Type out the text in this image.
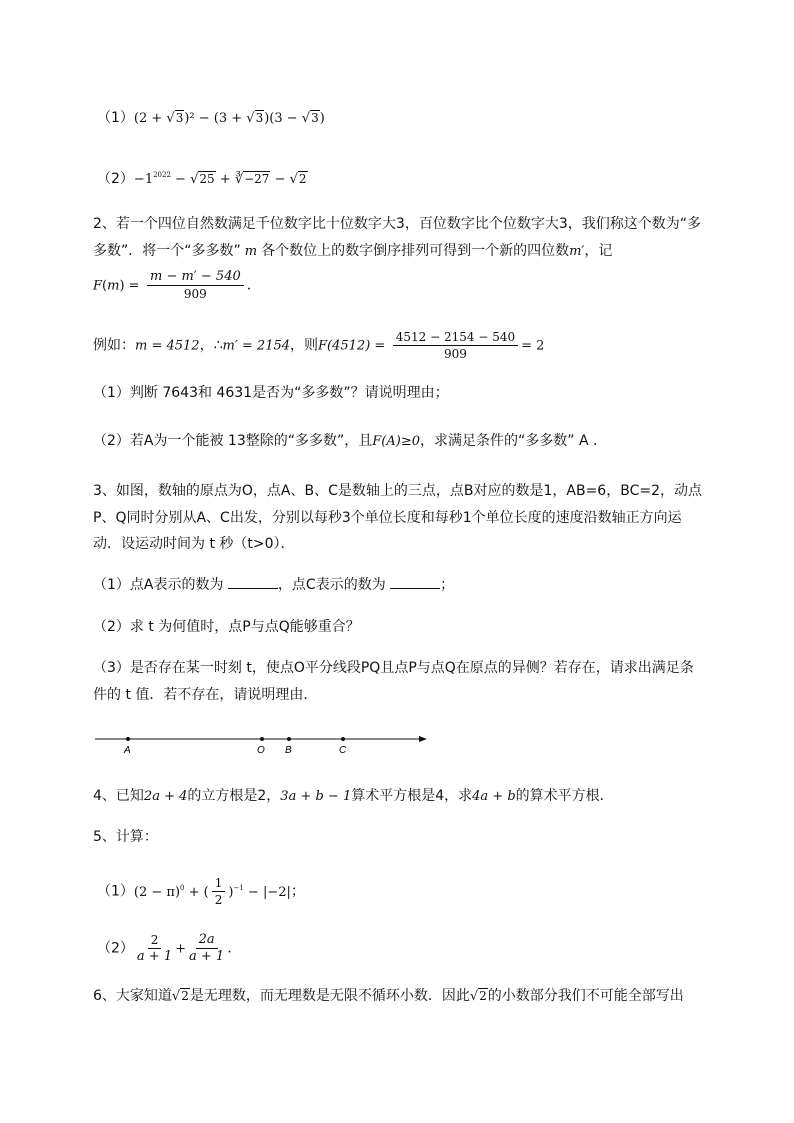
（1）(2 + √3)² − (3 + √3)(3 − √3)
$(2)-1^{2022} - √25$ + ∛−27 − √2
2、若一个四位自然数满足千位数字比十位数字大3，百位数字比个位数字大3，我们称这个数为“多
多数”．将一个“多多数” m 各个数位上的数字倒序排列可得到一个新的四位数m′，记
$F(m) = \frac{m - m' - 540}{909}$ ．
例如：m = 4512，∴m′ = 2154，则$F(4512) = \frac{4512 - 2154 - 540}{909} = 2$
（1）判断 7643和 4631是否为“多多数”？请说明理由；
（2）若A为一个能被 13整除的“多多数”，且F(A)≥0，求满足条件的“多多数” A ．
3、如图，数轴的原点为O，点A、B、C是数轴上的三点，点B对应的数是1，AB=6，BC=2，动点
P、Q同时分别从A、C出发，分别以每秒3个单位长度和每秒1个单位长度的速度沿数轴正方向运
动．设运动时间为 t 秒（t>0）．
（1）点A表示的数为	，点C表示的数为	；
（2）求 t 为何值时，点P与点Q能够重合？
（3）是否存在某一时刻 t，使点O平分线段PQ且点P与点Q在原点的异侧？若存在，请求出满足条
件的 t 值．若不存在，请说明理由．
A	O B	C
4、已知2a + 4的立方根是2，3a + b − 1算术平方根是4，求4a + b的算术平方根．
5、计算：
$(1)(2 - \pi)^0$ + ( $\frac{1}{2} )^{-1} - |-2|$；
$(2) \frac{2}{a + 1} + \frac{2a}{a + 1}$ ．
6、大家知道√2是无理数，而无理数是无限不循环小数．因此√2的小数部分我们不可能全部写出
